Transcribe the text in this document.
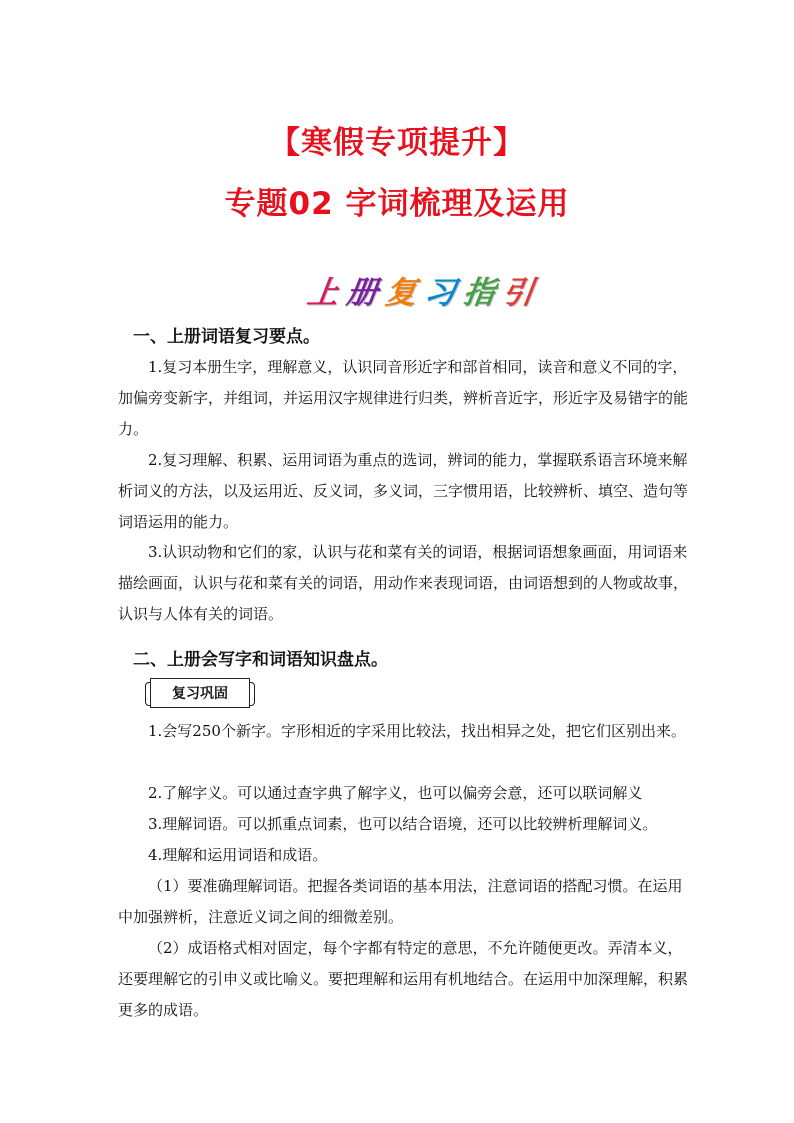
【寒假专项提升】
专题02 字词梳理及运用
上 册 复 习 指 引
一、上册词语复习要点。

1.复习本册生字，理解意义，认识同音形近字和部首相同，读音和意义不同的字，加偏旁变新字，并组词，并运用汉字规律进行归类，辨析音近字，形近字及易错字的能力。

2.复习理解、积累、运用词语为重点的选词，辨词的能力，掌握联系语言环境来解析词义的方法，以及运用近、反义词，多义词，三字惯用语，比较辨析、填空、造句等词语运用的能力。

3.认识动物和它们的家，认识与花和菜有关的词语，根据词语想象画面，用词语来描绘画面，认识与花和菜有关的词语，用动作来表现词语，由词语想到的人物或故事，认识与人体有关的词语。

二、上册会写字和词语知识盘点。
复习巩固

1.会写250个新字。字形相近的字采用比较法，找出相异之处，把它们区别出来。

2.了解字义。可以通过查字典了解字义，也可以偏旁会意，还可以联词解义

3.理解词语。可以抓重点词素，也可以结合语境，还可以比较辨析理解词义。

4.理解和运用词语和成语。

（1）要准确理解词语。把握各类词语的基本用法，注意词语的搭配习惯。在运用中加强辨析，注意近义词之间的细微差别。

（2）成语格式相对固定，每个字都有特定的意思，不允许随便更改。弄清本义，还要理解它的引申义或比喻义。要把理解和运用有机地结合。在运用中加深理解，积累更多的成语。
